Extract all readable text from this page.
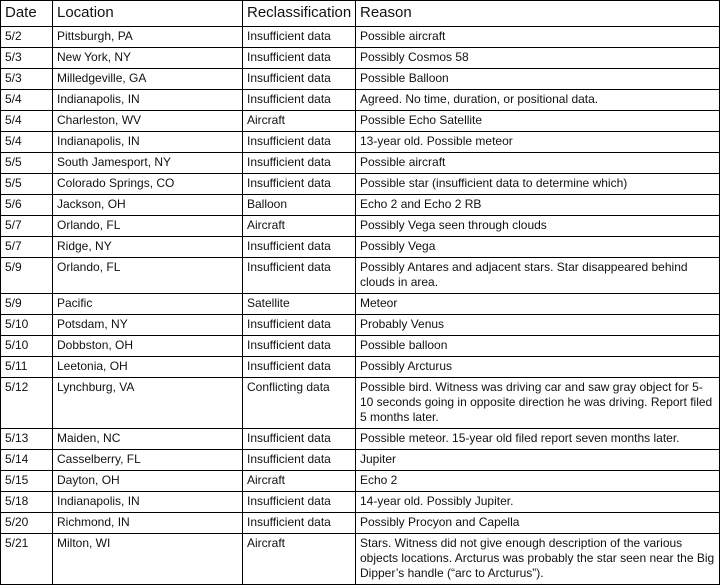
Date	Location	Reclassification	Reason
5/2	Pittsburgh, PA	Insufficient data	Possible aircraft
5/3	New York, NY	Insufficient data	Possibly Cosmos 58
5/3	Milledgeville, GA	Insufficient data	Possible Balloon
5/4	Indianapolis, IN	Insufficient data	Agreed. No time, duration, or positional data.
5/4	Charleston, WV	Aircraft	Possible Echo Satellite
5/4	Indianapolis, IN	Insufficient data	13-year old. Possible meteor
5/5	South Jamesport, NY	Insufficient data	Possible aircraft
5/5	Colorado Springs, CO	Insufficient data	Possible star (insufficient data to determine which)
5/6	Jackson, OH	Balloon	Echo 2 and Echo 2 RB
5/7	Orlando, FL	Aircraft	Possibly Vega seen through clouds
5/7	Ridge, NY	Insufficient data	Possibly Vega
5/9	Orlando, FL	Insufficient data	Possibly Antares and adjacent stars. Star disappeared behind clouds in area.
5/9	Pacific	Satellite	Meteor
5/10	Potsdam, NY	Insufficient data	Probably Venus
5/10	Dobbston, OH	Insufficient data	Possible balloon
5/11	Leetonia, OH	Insufficient data	Possibly Arcturus
5/12	Lynchburg, VA	Conflicting data	Possible bird. Witness was driving car and saw gray object for 5-10 seconds going in opposite direction he was driving. Report filed 5 months later.
5/13	Maiden, NC	Insufficient data	Possible meteor. 15-year old filed report seven months later.
5/14	Casselberry, FL	Insufficient data	Jupiter
5/15	Dayton, OH	Aircraft	Echo 2
5/18	Indianapolis, IN	Insufficient data	14-year old. Possibly Jupiter.
5/20	Richmond, IN	Insufficient data	Possibly Procyon and Capella
5/21	Milton, WI	Aircraft	Stars. Witness did not give enough description of the various objects locations. Arcturus was probably the star seen near the Big Dipper’s handle (“arc to Arcturus”).
